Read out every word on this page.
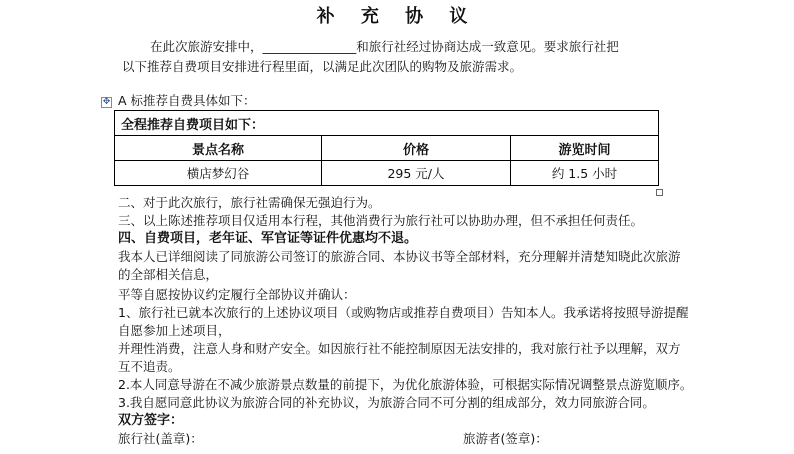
补 充 协 议
在此次旅游安排中，_______________和旅行社经过协商达成一致意见。要求旅行社把
以下推荐自费项目安排进行程里面，以满足此次团队的购物及旅游需求。
✥ A 标推荐自费具体如下：
全程推荐自费项目如下：		
景点名称	价格	游览时间
横店梦幻谷	295 元/人	约 1.5 小时
二、对于此次旅行，旅行社需确保无强迫行为。
三、以上陈述推荐项目仅适用本行程，其他消费行为旅行社可以协助办理，但不承担任何责任。
四、自费项目，老年证、军官证等证件优惠均不退。
我本人已详细阅读了同旅游公司签订的旅游合同、本协议书等全部材料，充分理解并清楚知晓此次旅游
的全部相关信息，
平等自愿按协议约定履行全部协议并确认：
1、旅行社已就本次旅行的上述协议项目（或购物店或推荐自费项目）告知本人。我承诺将按照导游提醒
自愿参加上述项目，
并理性消费，注意人身和财产安全。如因旅行社不能控制原因无法安排的，我对旅行社予以理解，双方
互不追责。
2.本人同意导游在不减少旅游景点数量的前提下，为优化旅游体验，可根据实际情况调整景点游览顺序。
3.我自愿同意此协议为旅游合同的补充协议，为旅游合同不可分割的组成部分，效力同旅游合同。
双方签字：
旅行社(盖章)：	旅游者(签章)：
